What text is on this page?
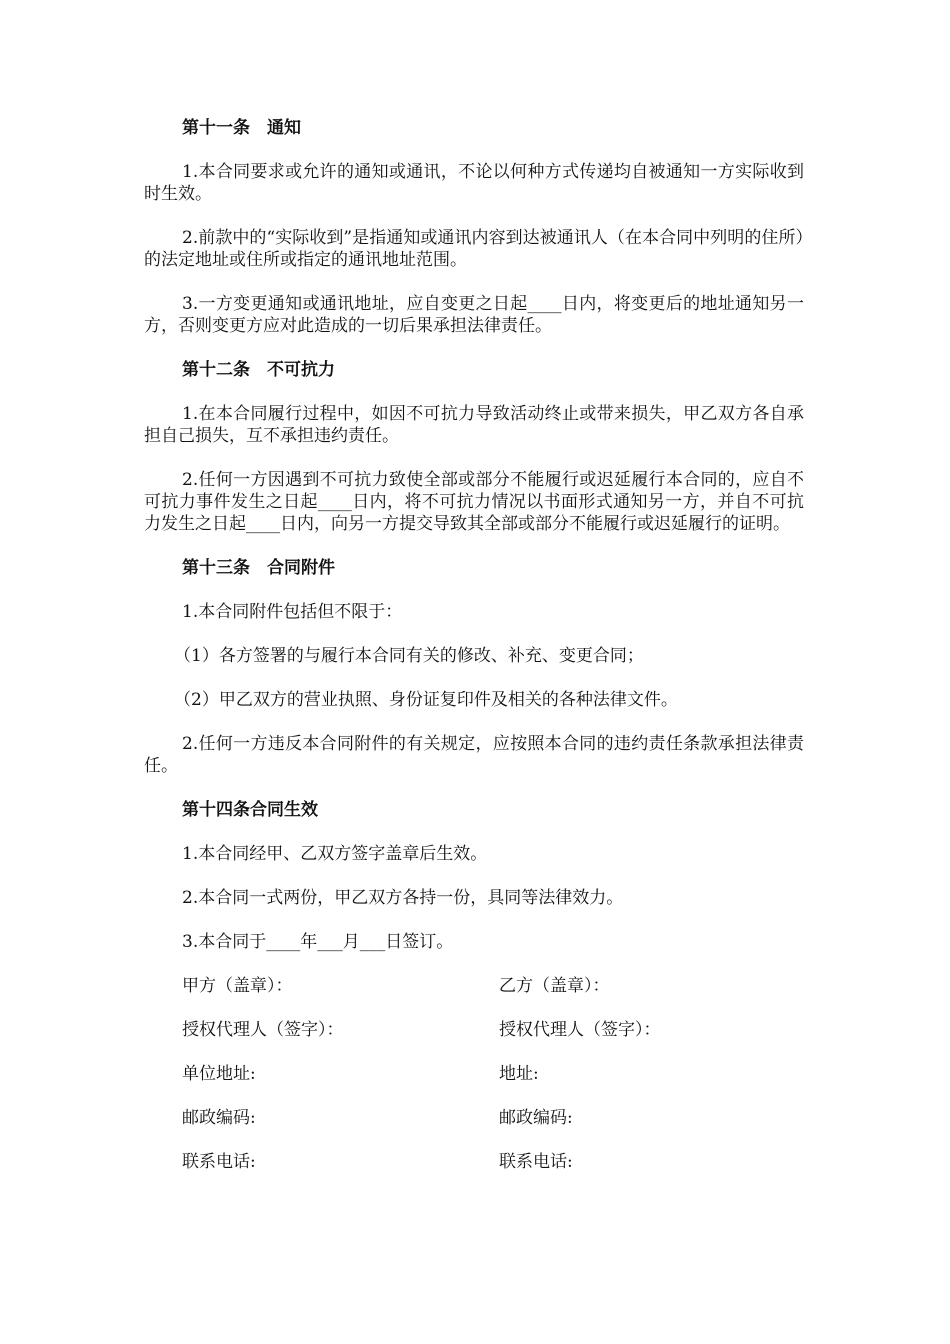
第十一条　通知

1.本合同要求或允许的通知或通讯，不论以何种方式传递均自被通知一方实际收到时生效。

2.前款中的“实际收到”是指通知或通讯内容到达被通讯人（在本合同中列明的住所）的法定地址或住所或指定的通讯地址范围。

3.一方变更通知或通讯地址，应自变更之日起____日内，将变更后的地址通知另一方，否则变更方应对此造成的一切后果承担法律责任。

第十二条　不可抗力

1.在本合同履行过程中，如因不可抗力导致活动终止或带来损失，甲乙双方各自承担自己损失，互不承担违约责任。

2.任何一方因遇到不可抗力致使全部或部分不能履行或迟延履行本合同的，应自不可抗力事件发生之日起____日内，将不可抗力情况以书面形式通知另一方，并自不可抗力发生之日起____日内，向另一方提交导致其全部或部分不能履行或迟延履行的证明。

第十三条　合同附件

1.本合同附件包括但不限于：

（1）各方签署的与履行本合同有关的修改、补充、变更合同；

（2）甲乙双方的营业执照、身份证复印件及相关的各种法律文件。

2.任何一方违反本合同附件的有关规定，应按照本合同的违约责任条款承担法律责任。

第十四条合同生效

1.本合同经甲、乙双方签字盖章后生效。

2.本合同一式两份，甲乙双方各持一份，具同等法律效力。

3.本合同于____年___月___日签订。

甲方（盖章）：	乙方（盖章）：
授权代理人（签字）：	授权代理人（签字）：
单位地址:	地址:
邮政编码:	邮政编码:
联系电话:	联系电话:
